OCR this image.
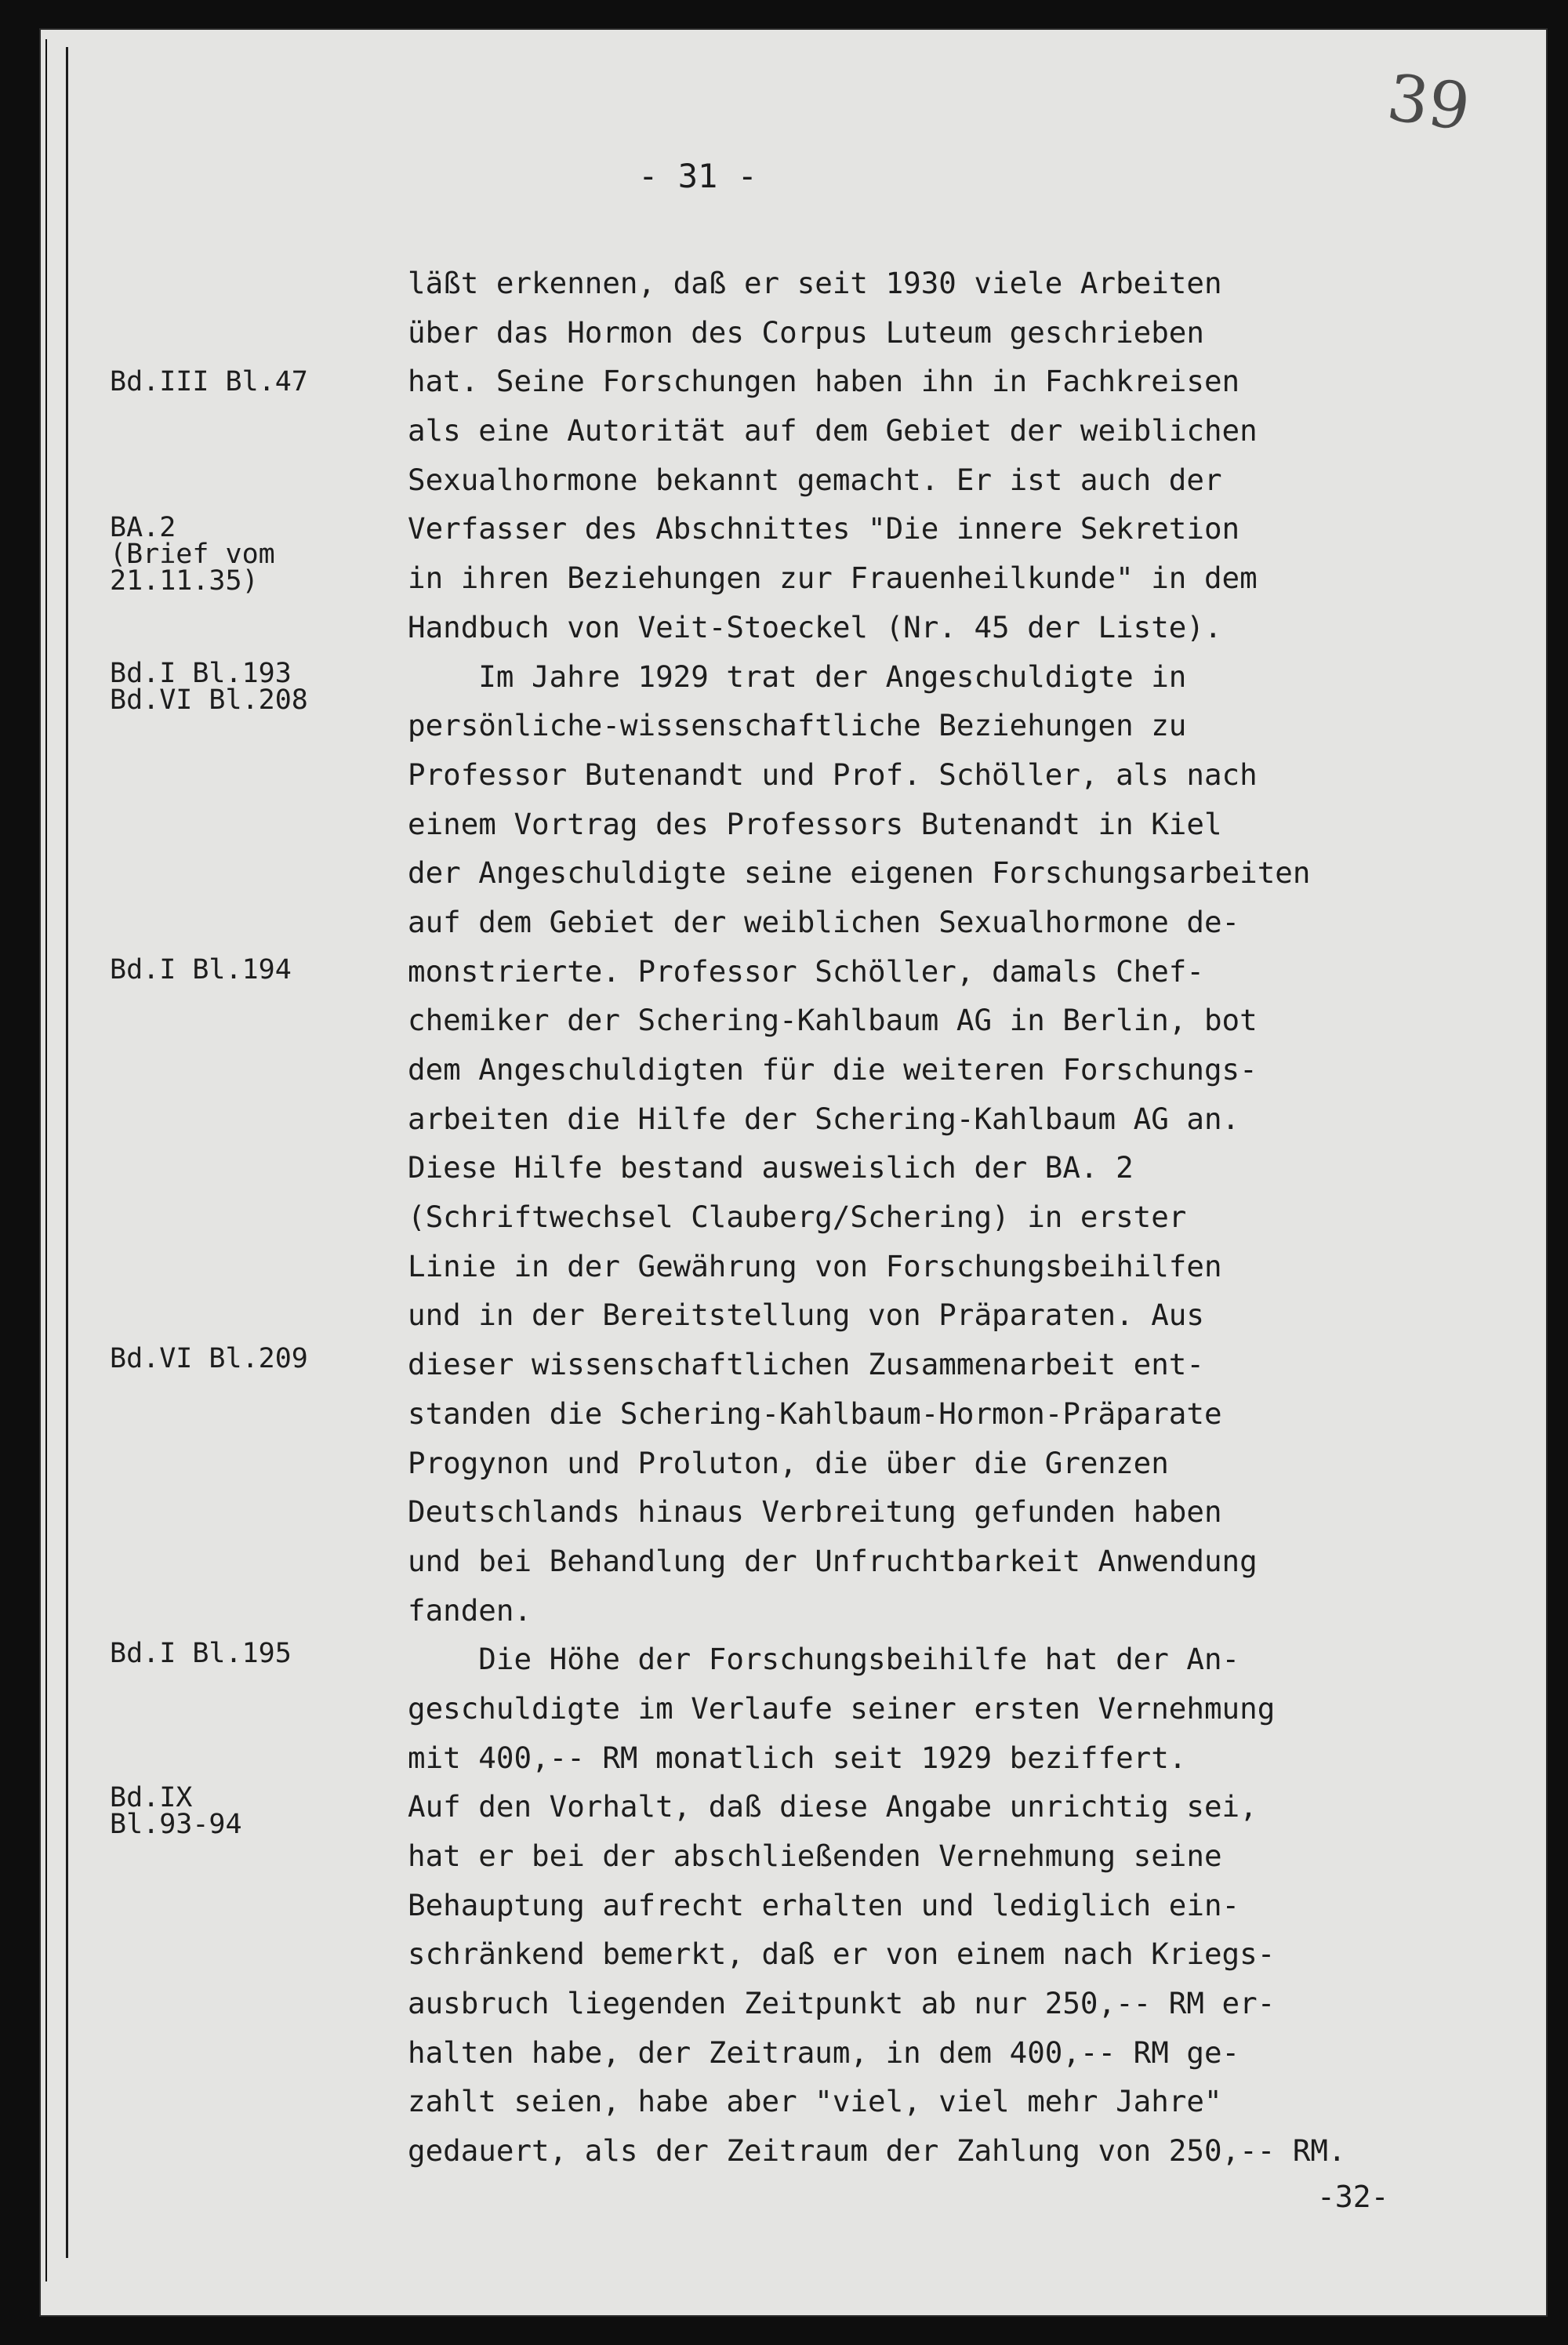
- 31 -
39
Bd.III Bl.47
BA.2
(Brief vom
21.11.35)
Bd.I Bl.193
Bd.VI Bl.208
Bd.I Bl.194
Bd.VI Bl.209
Bd.I Bl.195
Bd.IX
Bl.93-94
läßt erkennen, daß er seit 1930 viele Arbeiten
über das Hormon des Corpus Luteum geschrieben
hat. Seine Forschungen haben ihn in Fachkreisen
als eine Autorität auf dem Gebiet der weiblichen
Sexualhormone bekannt gemacht. Er ist auch der
Verfasser des Abschnittes "Die innere Sekretion
in ihren Beziehungen zur Frauenheilkunde" in dem
Handbuch von Veit-Stoeckel (Nr. 45 der Liste).
Im Jahre 1929 trat der Angeschuldigte in
persönliche-wissenschaftliche Beziehungen zu
Professor Butenandt und Prof. Schöller, als nach
einem Vortrag des Professors Butenandt in Kiel
der Angeschuldigte seine eigenen Forschungsarbeiten
auf dem Gebiet der weiblichen Sexualhormone de-
monstrierte. Professor Schöller, damals Chef-
chemiker der Schering-Kahlbaum AG in Berlin, bot
dem Angeschuldigten für die weiteren Forschungs-
arbeiten die Hilfe der Schering-Kahlbaum AG an.
Diese Hilfe bestand ausweislich der BA. 2
(Schriftwechsel Clauberg/Schering) in erster
Linie in der Gewährung von Forschungsbeihilfen
und in der Bereitstellung von Präparaten. Aus
dieser wissenschaftlichen Zusammenarbeit ent-
standen die Schering-Kahlbaum-Hormon-Präparate
Progynon und Proluton, die über die Grenzen
Deutschlands hinaus Verbreitung gefunden haben
und bei Behandlung der Unfruchtbarkeit Anwendung
fanden.
Die Höhe der Forschungsbeihilfe hat der An-
geschuldigte im Verlaufe seiner ersten Vernehmung
mit 400,-- RM monatlich seit 1929 beziffert.
Auf den Vorhalt, daß diese Angabe unrichtig sei,
hat er bei der abschließenden Vernehmung seine
Behauptung aufrecht erhalten und lediglich ein-
schränkend bemerkt, daß er von einem nach Kriegs-
ausbruch liegenden Zeitpunkt ab nur 250,-- RM er-
halten habe, der Zeitraum, in dem 400,-- RM ge-
zahlt seien, habe aber "viel, viel mehr Jahre"
gedauert, als der Zeitraum der Zahlung von 250,-- RM.
-32-
